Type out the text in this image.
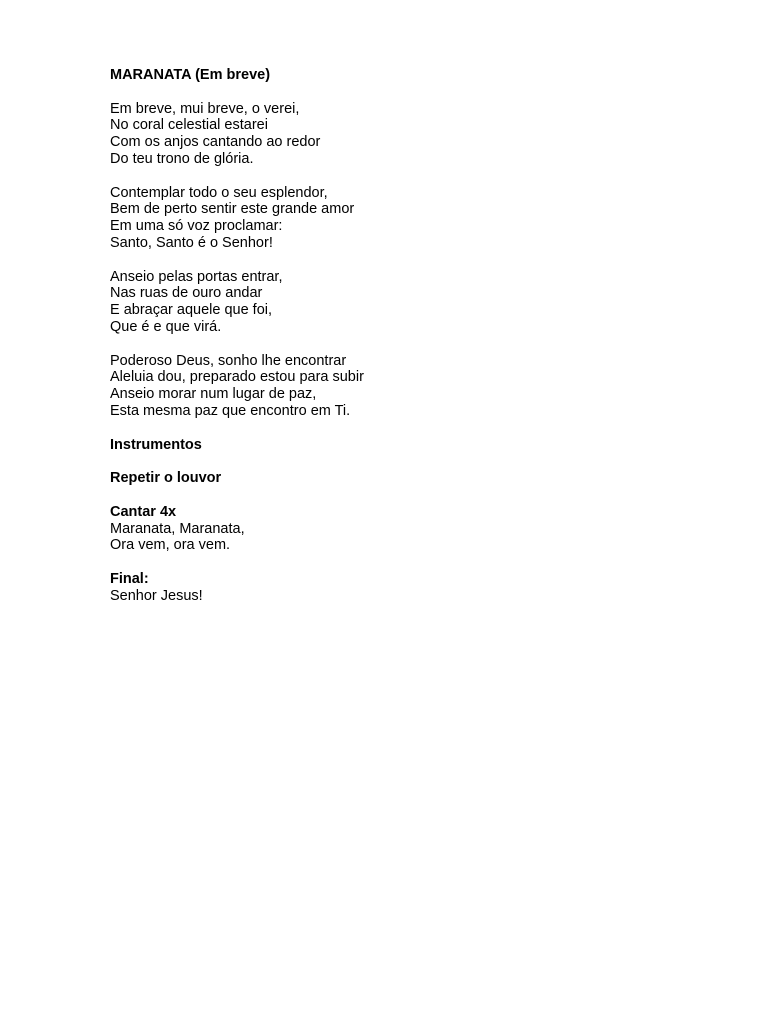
MARANATA (Em breve)
Em breve, mui breve, o verei,
No coral celestial estarei
Com os anjos cantando ao redor
Do teu trono de glória.
Contemplar todo o seu esplendor,
Bem de perto sentir este grande amor
Em uma só voz proclamar:
Santo, Santo é o Senhor!
Anseio pelas portas entrar,
Nas ruas de ouro andar
E abraçar aquele que foi,
Que é e que virá.
Poderoso Deus, sonho lhe encontrar
Aleluia dou, preparado estou para subir
Anseio morar num lugar de paz,
Esta mesma paz que encontro em Ti.
Instrumentos
Repetir o louvor
Cantar 4x
Maranata, Maranata,
Ora vem, ora vem.
Final:
Senhor Jesus!
